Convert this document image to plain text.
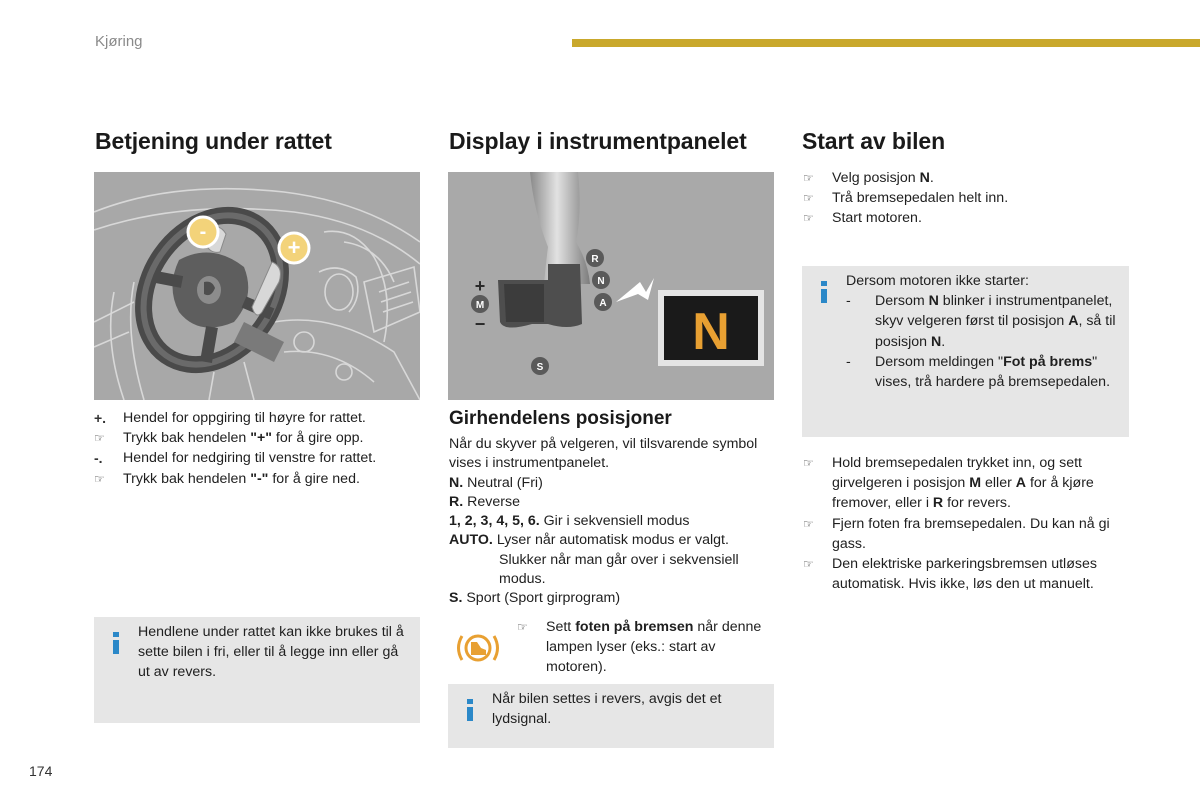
Kjøring
Betjening under rattet
-
+
+.	Hendel for oppgiring til høyre for rattet.
☞	Trykk bak hendelen "+" for å gire opp.
-.	Hendel for nedgiring til venstre for rattet.
☞	Trykk bak hendelen "-" for å gire ned.
Hendlene under rattet kan ikke brukes til å sette bilen i fri, eller til å legge inn eller gå ut av revers.
Display i instrumentpanelet
R
N
A
M
S
+
−	N
Girhendelens posisjoner

Når du skyver på velgeren, vil tilsvarende symbol vises i instrumentpanelet.

N. Neutral (Fri)

R. Reverse

1, 2, 3, 4, 5, 6. Gir i sekvensiell modus

AUTO. Lyser når automatisk modus er valgt. Slukker når man går over i sekvensiell modus.

S. Sport (Sport girprogram)

☞	Sett foten på bremsen når denne lampen lyser (eks.: start av motoren).
Når bilen settes i revers, avgis det et lydsignal.
Start av bilen
☞	Velg posisjon N.
☞	Trå bremsepedalen helt inn.
☞	Start motoren.
Dersom motoren ikke starter:
- Dersom N blinker i instrumentpanelet, skyv velgeren først til posisjon A, så til posisjon N.
- Dersom meldingen "Fot på brems" vises, trå hardere på bremsepedalen.
☞	Hold bremsepedalen trykket inn, og sett girvelgeren i posisjon M eller A for å kjøre fremover, eller i R for revers.
☞	Fjern foten fra bremsepedalen. Du kan nå gi gass.
☞	Den elektriske parkeringsbremsen utløses automatisk. Hvis ikke, løs den ut manuelt.
174
